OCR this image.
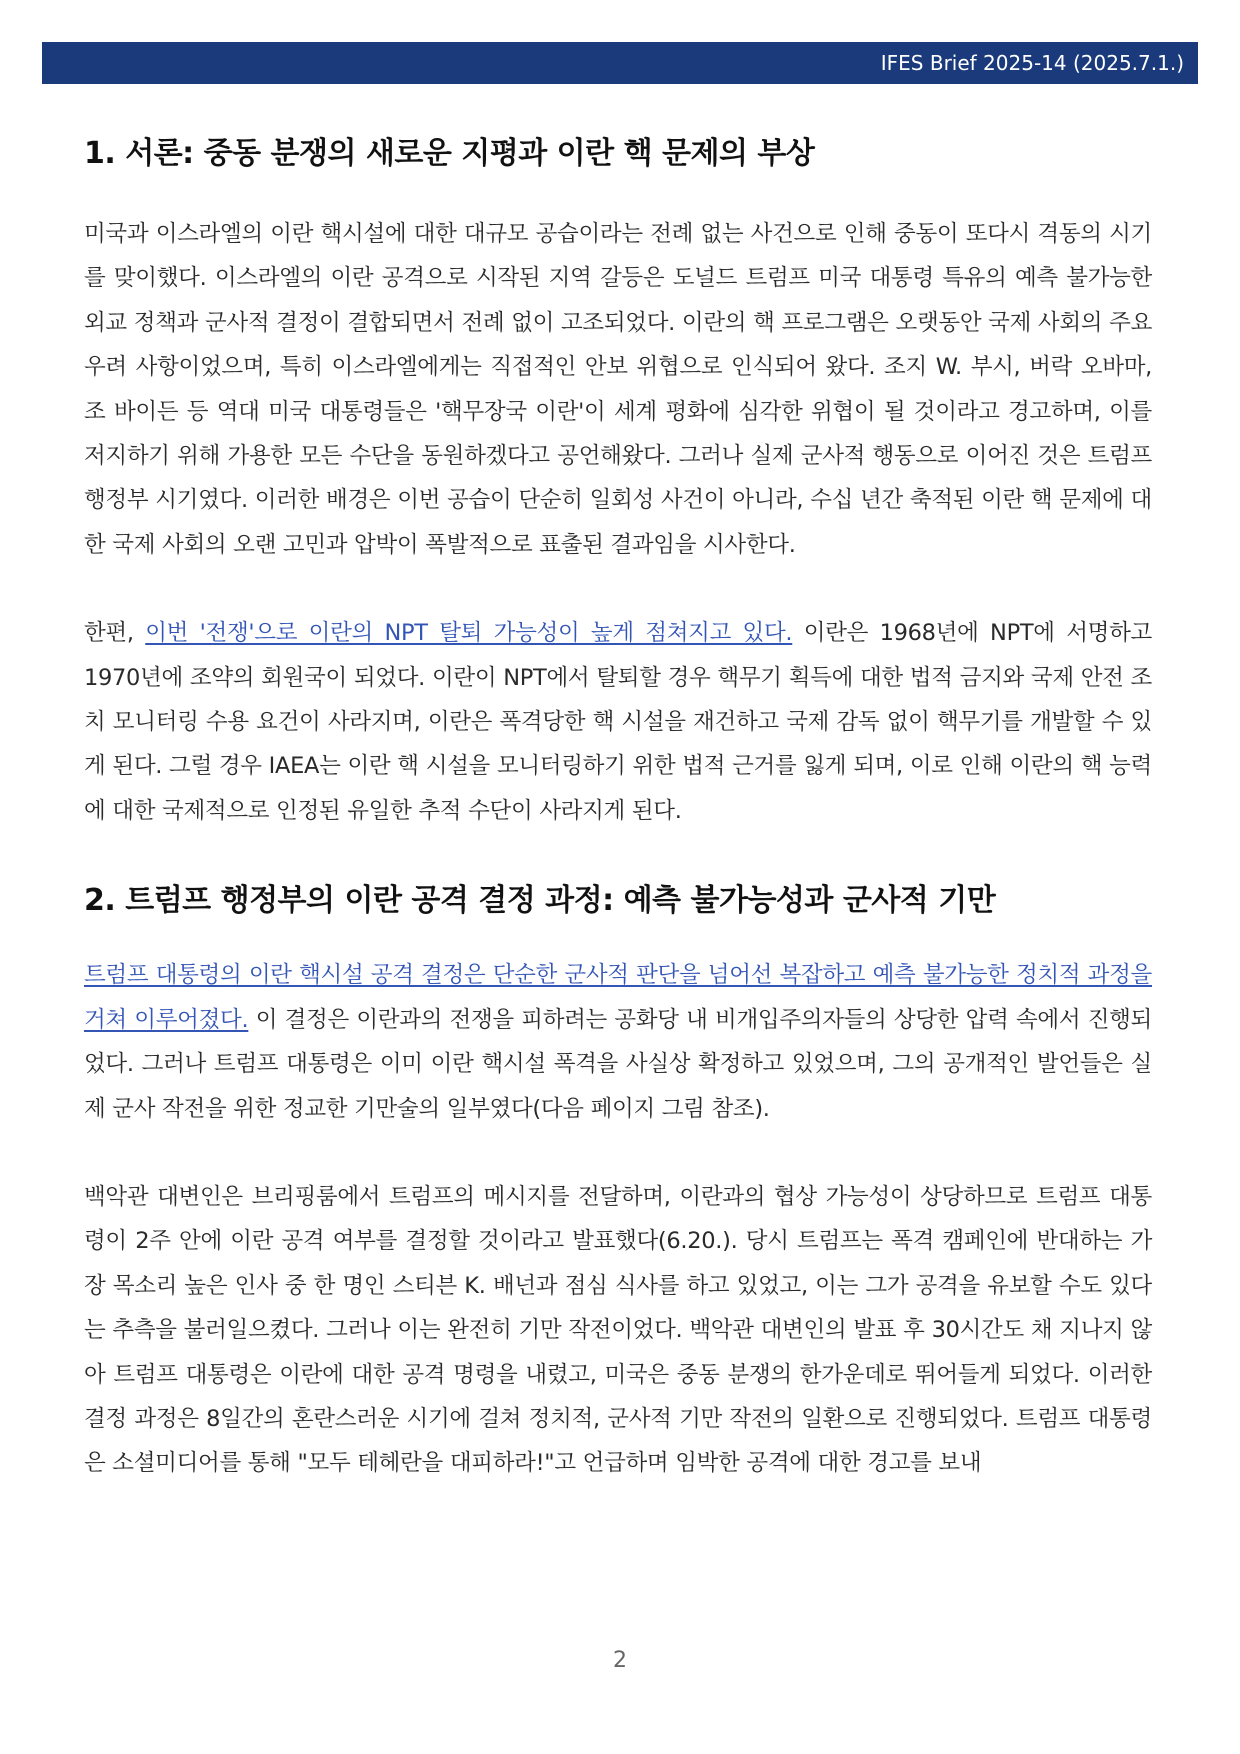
IFES Brief 2025-14 (2025.7.1.)
1. 서론: 중동 분쟁의 새로운 지평과 이란 핵 문제의 부상

미국과 이스라엘의 이란 핵시설에 대한 대규모 공습이라는 전례 없는 사건으로 인해 중동이 또다시 격동의 시기를 맞이했다. 이스라엘의 이란 공격으로 시작된 지역 갈등은 도널드 트럼프 미국 대통령 특유의 예측 불가능한 외교 정책과 군사적 결정이 결합되면서 전례 없이 고조되었다. 이란의 핵 프로그램은 오랫동안 국제 사회의 주요 우려 사항이었으며, 특히 이스라엘에게는 직접적인 안보 위협으로 인식되어 왔다. 조지 W. 부시, 버락 오바마, 조 바이든 등 역대 미국 대통령들은 '핵무장국 이란'이 세계 평화에 심각한 위협이 될 것이라고 경고하며, 이를 저지하기 위해 가용한 모든 수단을 동원하겠다고 공언해왔다. 그러나 실제 군사적 행동으로 이어진 것은 트럼프 행정부 시기였다. 이러한 배경은 이번 공습이 단순히 일회성 사건이 아니라, 수십 년간 축적된 이란 핵 문제에 대한 국제 사회의 오랜 고민과 압박이 폭발적으로 표출된 결과임을 시사한다.

한편, 이번 '전쟁'으로 이란의 NPT 탈퇴 가능성이 높게 점쳐지고 있다. 이란은 1968년에 NPT에 서명하고 1970년에 조약의 회원국이 되었다. 이란이 NPT에서 탈퇴할 경우 핵무기 획득에 대한 법적 금지와 국제 안전 조치 모니터링 수용 요건이 사라지며, 이란은 폭격당한 핵 시설을 재건하고 국제 감독 없이 핵무기를 개발할 수 있게 된다. 그럴 경우 IAEA는 이란 핵 시설을 모니터링하기 위한 법적 근거를 잃게 되며, 이로 인해 이란의 핵 능력에 대한 국제적으로 인정된 유일한 추적 수단이 사라지게 된다.

2. 트럼프 행정부의 이란 공격 결정 과정: 예측 불가능성과 군사적 기만

트럼프 대통령의 이란 핵시설 공격 결정은 단순한 군사적 판단을 넘어선 복잡하고 예측 불가능한 정치적 과정을 거쳐 이루어졌다. 이 결정은 이란과의 전쟁을 피하려는 공화당 내 비개입주의자들의 상당한 압력 속에서 진행되었다. 그러나 트럼프 대통령은 이미 이란 핵시설 폭격을 사실상 확정하고 있었으며, 그의 공개적인 발언들은 실제 군사 작전을 위한 정교한 기만술의 일부였다(다음 페이지 그림 참조).

백악관 대변인은 브리핑룸에서 트럼프의 메시지를 전달하며, 이란과의 협상 가능성이 상당하므로 트럼프 대통령이 2주 안에 이란 공격 여부를 결정할 것이라고 발표했다(6.20.). 당시 트럼프는 폭격 캠페인에 반대하는 가장 목소리 높은 인사 중 한 명인 스티븐 K. 배넌과 점심 식사를 하고 있었고, 이는 그가 공격을 유보할 수도 있다는 추측을 불러일으켰다. 그러나 이는 완전히 기만 작전이었다. 백악관 대변인의 발표 후 30시간도 채 지나지 않아 트럼프 대통령은 이란에 대한 공격 명령을 내렸고, 미국은 중동 분쟁의 한가운데로 뛰어들게 되었다. 이러한 결정 과정은 8일간의 혼란스러운 시기에 걸쳐 정치적, 군사적 기만 작전의 일환으로 진행되었다. 트럼프 대통령은 소셜미디어를 통해 "모두 테헤란을 대피하라!"고 언급하며 임박한 공격에 대한 경고를 보내

2
